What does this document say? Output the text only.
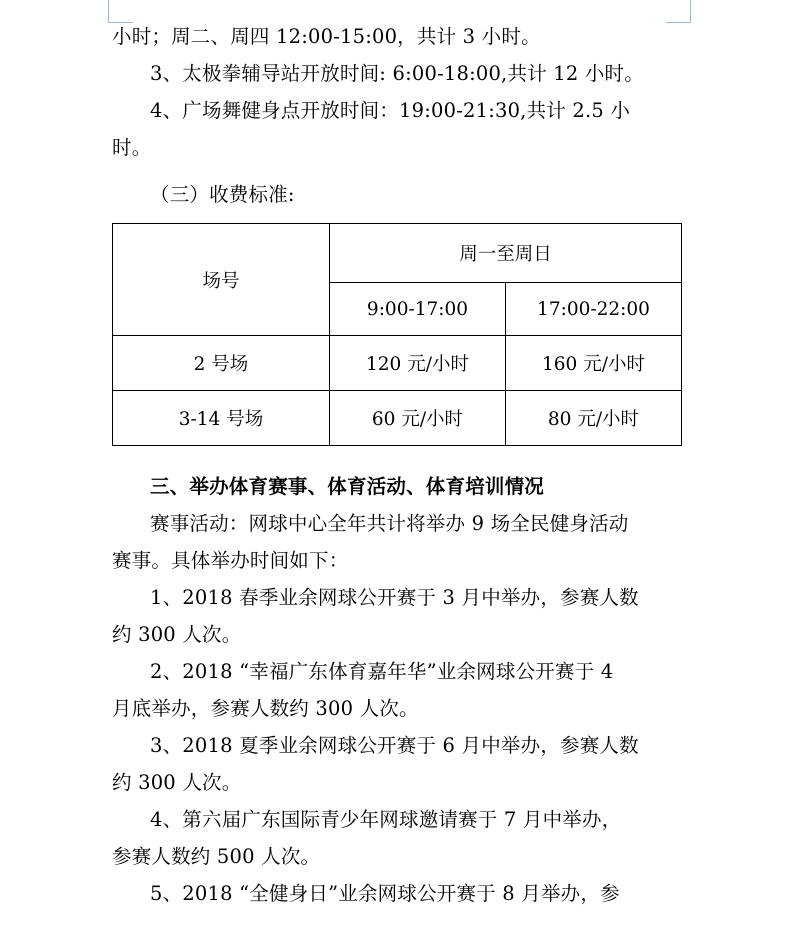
小时；周二、周四 12:00-15:00，共计 3 小时。

3、太极拳辅导站开放时间: 6:00-18:00,共计 12 小时。

4、广场舞健身点开放时间：19:00-21:30,共计 2.5 小

时。

（三）收费标准:

场号	周一至周日	
	9:00-17:00	17:00-22:00
2 号场	120 元/小时	160 元/小时
3-14 号场	60 元/小时	80 元/小时

三、举办体育赛事、体育活动、体育培训情况

赛事活动：网球中心全年共计将举办 9 场全民健身活动

赛事。具体举办时间如下：

1、2018 春季业余网球公开赛于 3 月中举办，参赛人数

约 300 人次。

2、2018 “幸福广东体育嘉年华”业余网球公开赛于 4

月底举办，参赛人数约 300 人次。

3、2018 夏季业余网球公开赛于 6 月中举办，参赛人数

约 300 人次。

4、第六届广东国际青少年网球邀请赛于 7 月中举办，

参赛人数约 500 人次。

5、2018 “全健身日”业余网球公开赛于 8 月举办，参
